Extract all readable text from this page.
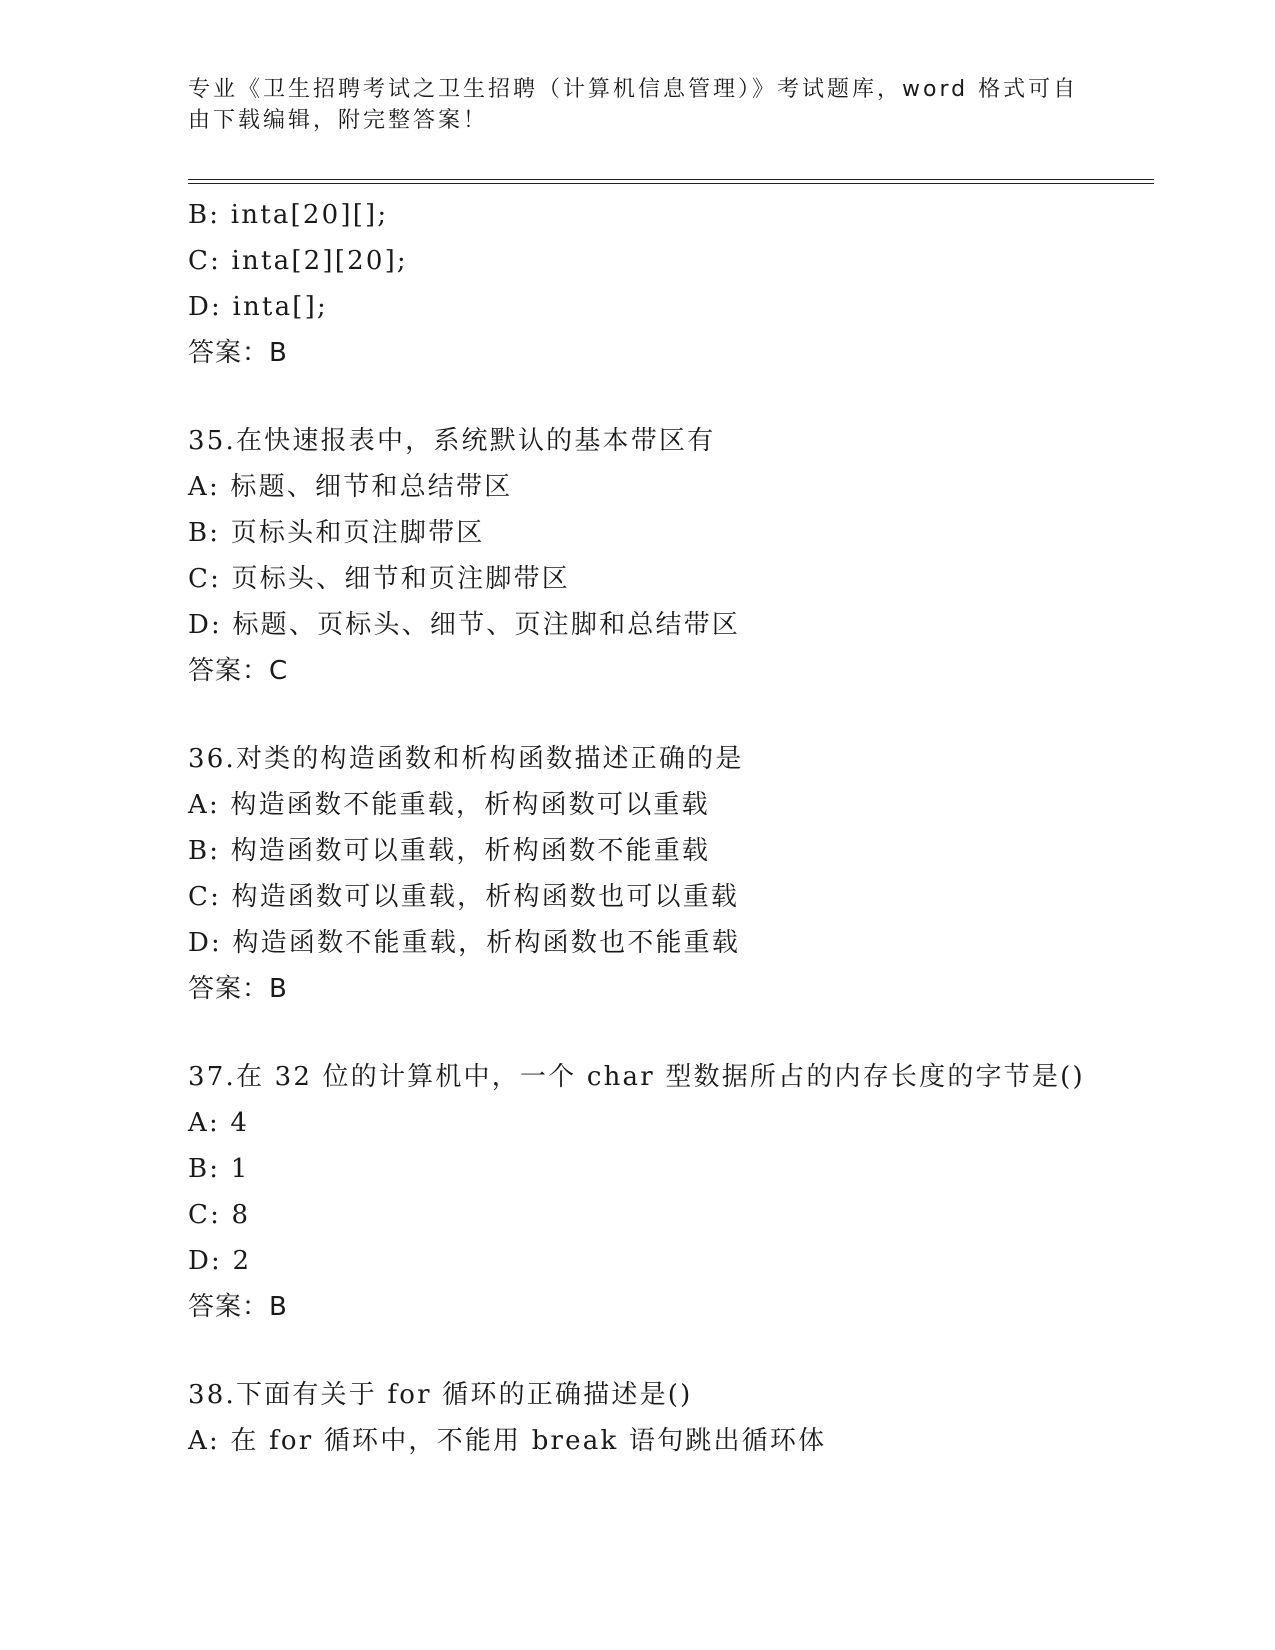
专业《卫生招聘考试之卫生招聘（计算机信息管理）》考试题库，word 格式可自
由下载编辑，附完整答案！
B: inta[20][];
C: inta[2][20];
D: inta[];
答案：B
35.在快速报表中，系统默认的基本带区有
A: 标题、细节和总结带区
B: 页标头和页注脚带区
C: 页标头、细节和页注脚带区
D: 标题、页标头、细节、页注脚和总结带区
答案：C
36.对类的构造函数和析构函数描述正确的是
A: 构造函数不能重载，析构函数可以重载
B: 构造函数可以重载，析构函数不能重载
C: 构造函数可以重载，析构函数也可以重载
D: 构造函数不能重载，析构函数也不能重载
答案：B
37.在 32 位的计算机中，一个 char 型数据所占的内存长度的字节是()
A: 4
B: 1
C: 8
D: 2
答案：B
38.下面有关于 for 循环的正确描述是()
A: 在 for 循环中，不能用 break 语句跳出循环体
